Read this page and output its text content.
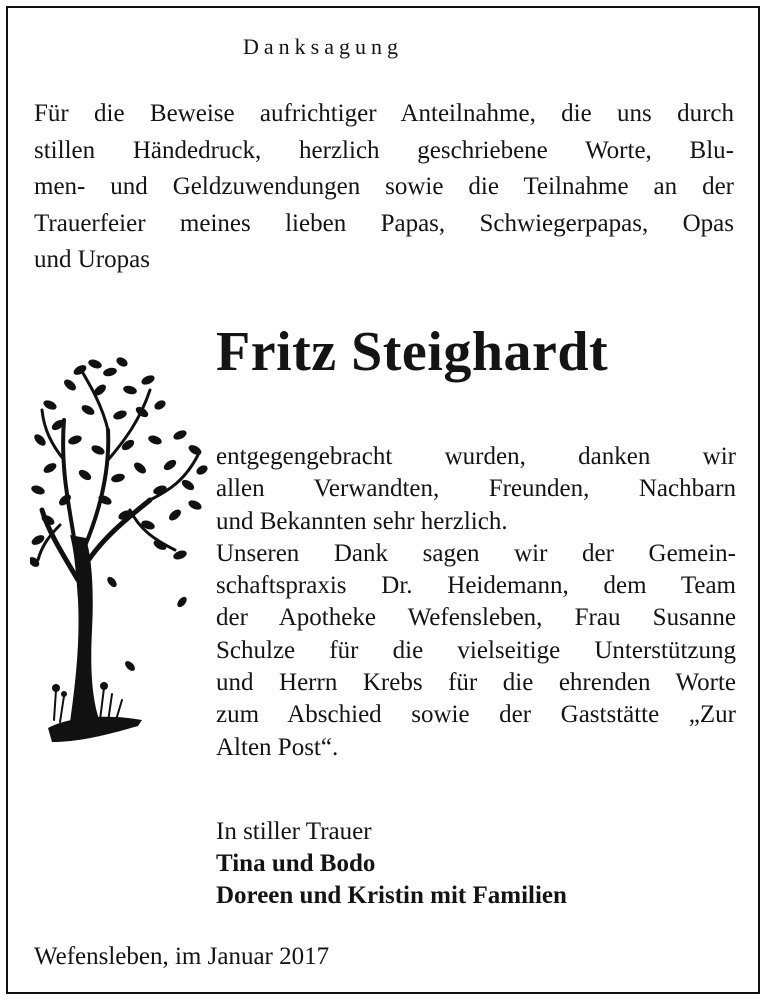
Danksagung
Für die Beweise aufrichtiger Anteilnahme, die uns durch
stillen Händedruck, herzlich geschriebene Worte, Blu-
men- und Geldzuwendungen sowie die Teilnahme an der
Trauerfeier meines lieben Papas, Schwiegerpapas, Opas
und Uropas
Fritz Steighardt
entgegengebracht wurden, danken wir
allen Verwandten, Freunden, Nachbarn
und Bekannten sehr herzlich.
Unseren Dank sagen wir der Gemein-
schaftspraxis Dr. Heidemann, dem Team
der Apotheke Wefensleben, Frau Susanne
Schulze für die vielseitige Unterstützung
und Herrn Krebs für die ehrenden Worte
zum Abschied sowie der Gaststätte „Zur
Alten Post“.
In stiller Trauer
Tina und Bodo
Doreen und Kristin mit Familien
Wefensleben, im Januar 2017
